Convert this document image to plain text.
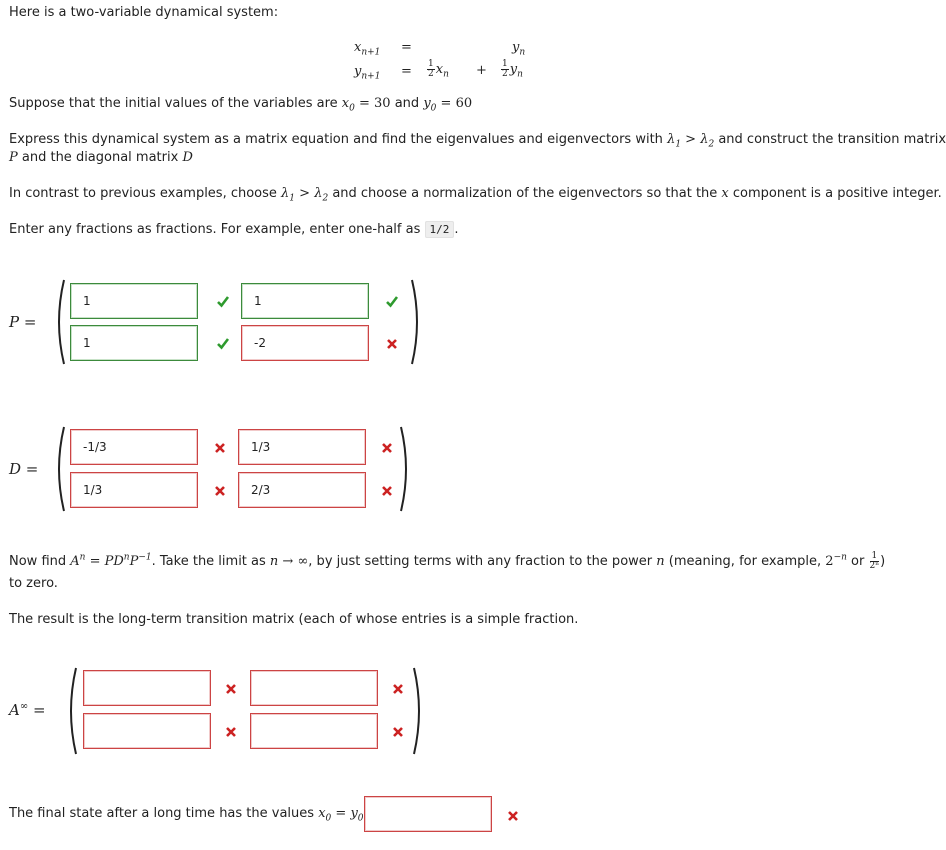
Here is a two-variable dynamical system:
$x_{n+1}$ =	$y_n$
$y_{n+1} = \frac{1}{2} x_n + \frac{1}{2} y_n$
Suppose that the initial values of the variables are $x_0 = 30$ and $y_0 = 60$
Express this dynamical system as a matrix equation and find the eigenvalues and eigenvectors with $\lambda_1 > \lambda_2$ and construct the transition matrix
P and the diagonal matrix D
In contrast to previous examples, choose $\lambda_1 > \lambda_2$ and choose a normalization of the eigenvectors so that the x component is a positive integer.
Enter any fractions as fractions. For example, enter one-half as 1/2 .
P =
1	1
1	-2
D =
-1/3	1/3
1/3	2/3
Now find $A^n = PD^nP^{-1}$. Take the limit as n → ∞, by just setting terms with any fraction to the power n (meaning, for example, $2^{-n}$ or $\frac{1}{\text{2ⁿ}}$ )
to zero.
The result is the long-term transition matrix (each of whose entries is a simple fraction.
A∞ =
The final state after a long time has the values $x_0 = y_0$
